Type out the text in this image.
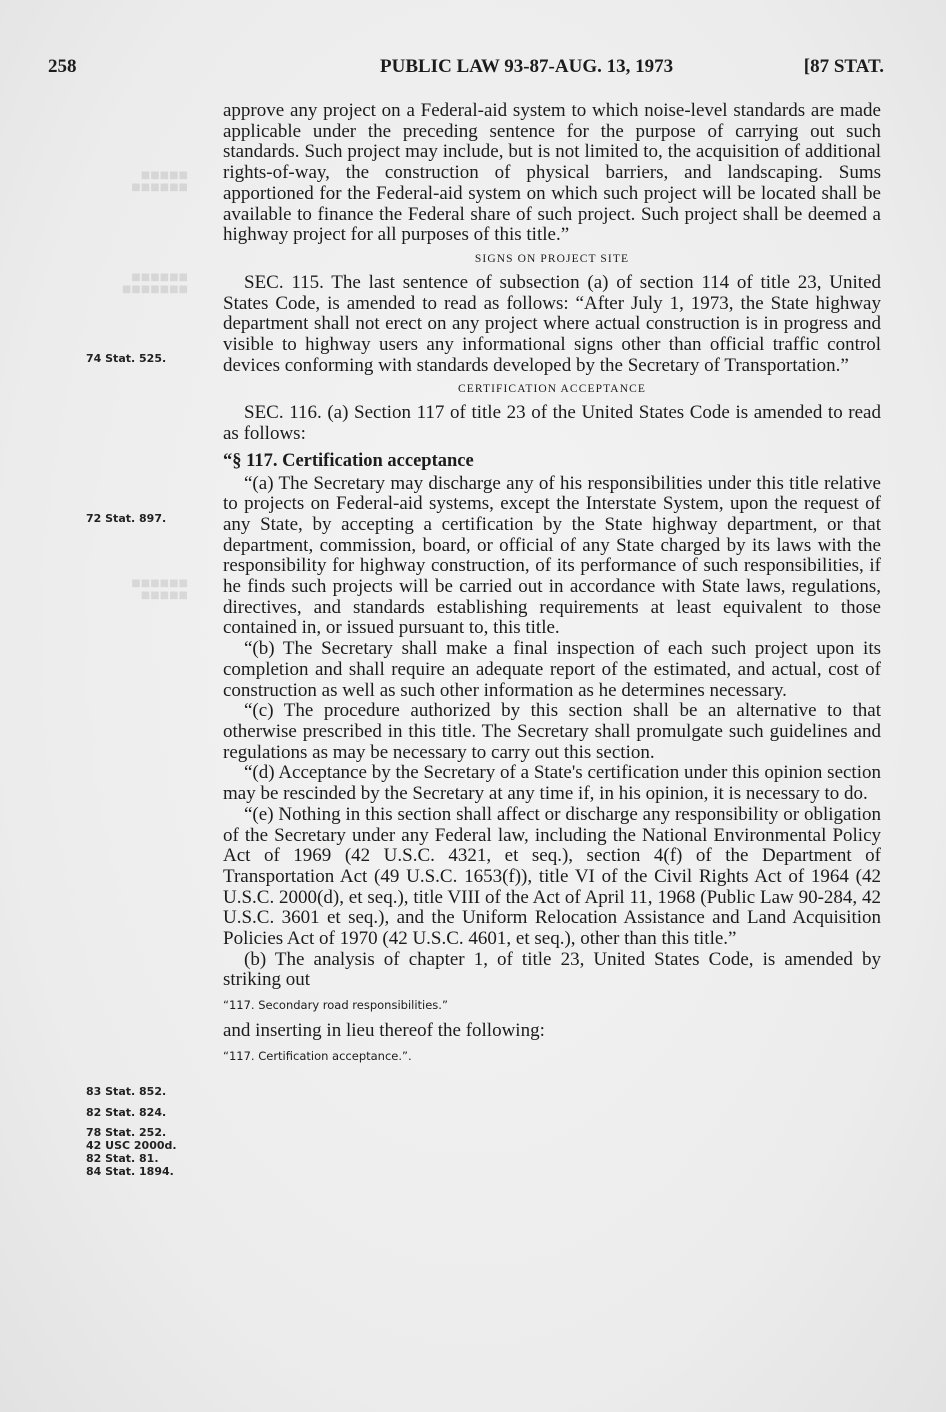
■■■■■
■■■■■■
■■■■■■
■■■■■■■
■■■■■■
■■■■■
258	PUBLIC LAW 93-87-AUG. 13, 1973	[87 STAT.
74 Stat. 525.
72 Stat. 897.
83 Stat. 852.
82 Stat. 824.
78 Stat. 252.
42 USC 2000d.
82 Stat. 81.
84 Stat. 1894.

approve any project on a Federal-aid system to which noise-level standards are made applicable under the preceding sentence for the purpose of carrying out such standards. Such project may include, but is not limited to, the acquisition of additional rights-of-way, the construction of physical barriers, and landscaping. Sums apportioned for the Federal-aid system on which such project will be located shall be available to finance the Federal share of such project. Such project shall be deemed a highway project for all purposes of this title.”

SIGNS ON PROJECT SITE

SEC. 115. The last sentence of subsection (a) of section 114 of title 23, United States Code, is amended to read as follows: “After July 1, 1973, the State highway department shall not erect on any project where actual construction is in progress and visible to highway users any informational signs other than official traffic control devices conforming with standards developed by the Secretary of Transportation.”

CERTIFICATION ACCEPTANCE

SEC. 116. (a) Section 117 of title 23 of the United States Code is amended to read as follows:

“§ 117. Certification acceptance

“(a) The Secretary may discharge any of his responsibilities under this title relative to projects on Federal-aid systems, except the Interstate System, upon the request of any State, by accepting a certification by the State highway department, or that department, commission, board, or official of any State charged by its laws with the responsibility for highway construction, of its performance of such responsibilities, if he finds such projects will be carried out in accordance with State laws, regulations, directives, and standards establishing requirements at least equivalent to those contained in, or issued pursuant to, this title.

“(b) The Secretary shall make a final inspection of each such project upon its completion and shall require an adequate report of the estimated, and actual, cost of construction as well as such other information as he determines necessary.

“(c) The procedure authorized by this section shall be an alternative to that otherwise prescribed in this title. The Secretary shall promulgate such guidelines and regulations as may be necessary to carry out this section.

“(d) Acceptance by the Secretary of a State's certification under this opinion section may be rescinded by the Secretary at any time if, in his opinion, it is necessary to do.

“(e) Nothing in this section shall affect or discharge any responsibility or obligation of the Secretary under any Federal law, including the National Environmental Policy Act of 1969 (42 U.S.C. 4321, et seq.), section 4(f) of the Department of Transportation Act (49 U.S.C. 1653(f)), title VI of the Civil Rights Act of 1964 (42 U.S.C. 2000(d), et seq.), title VIII of the Act of April 11, 1968 (Public Law 90-284, 42 U.S.C. 3601 et seq.), and the Uniform Relocation Assistance and Land Acquisition Policies Act of 1970 (42 U.S.C. 4601, et seq.), other than this title.”

(b) The analysis of chapter 1, of title 23, United States Code, is amended by striking out

“117. Secondary road responsibilities.”

and inserting in lieu thereof the following:

“117. Certification acceptance.”.
